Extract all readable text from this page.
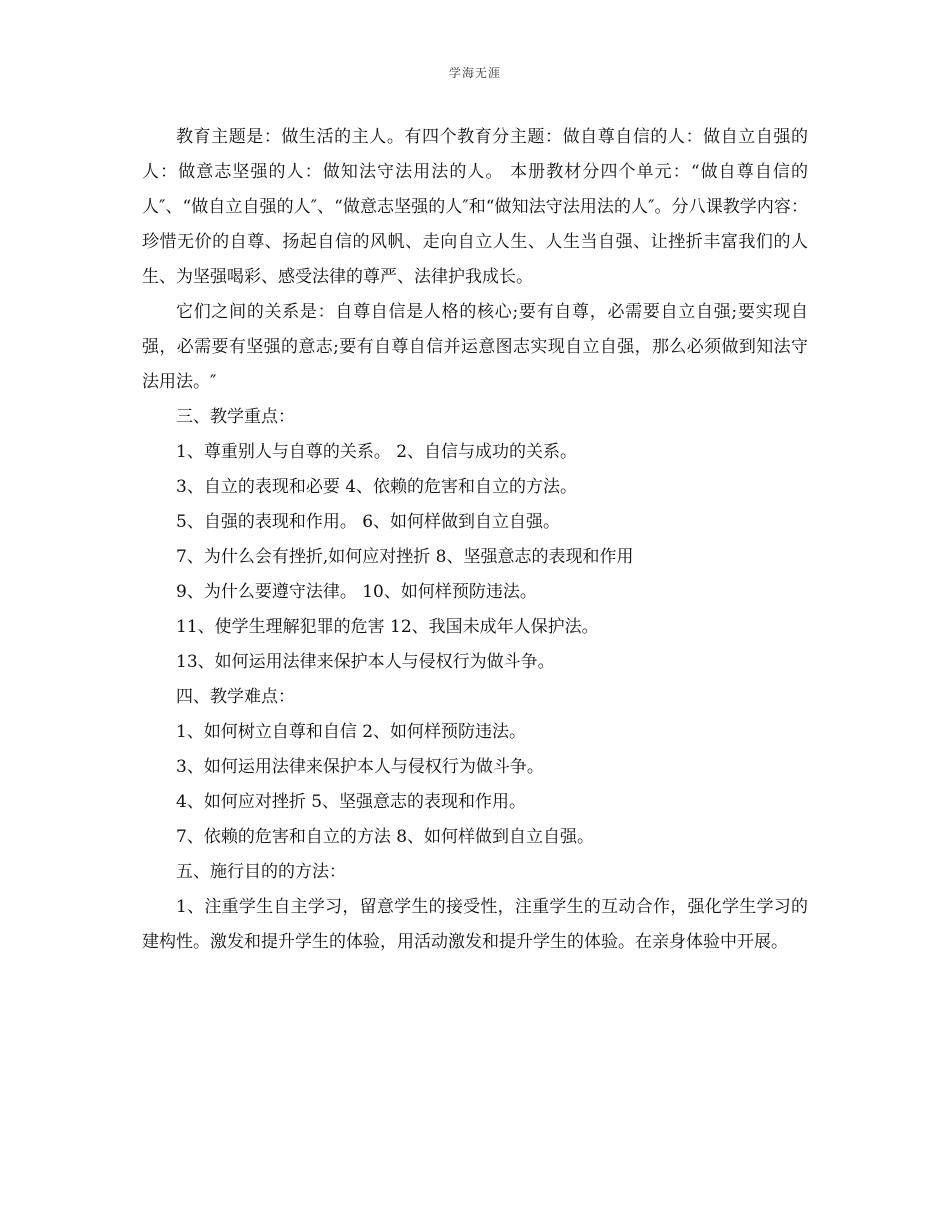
学海无涯

教育主题是：做生活的主人。有四个教育分主题：做自尊自信的人：做自立自强的人：做意志坚强的人：做知法守法用法的人。 本册教材分四个单元：“做自尊自信的人″、“做自立自强的人″、“做意志坚强的人″和“做知法守法用法的人″。分八课教学内容：珍惜无价的自尊、扬起自信的风帆、走向自立人生、人生当自强、让挫折丰富我们的人生、为坚强喝彩、感受法律的尊严、法律护我成长。

它们之间的关系是：自尊自信是人格的核心;要有自尊，必需要自立自强;要实现自强，必需要有坚强的意志;要有自尊自信并运意图志实现自立自强，那么必须做到知法守法用法。″

三、教学重点：

1、尊重别人与自尊的关系。 2、自信与成功的关系。

3、自立的表现和必要 4、依赖的危害和自立的方法。

5、自强的表现和作用。 6、如何样做到自立自强。

7、为什么会有挫折,如何应对挫折 8、坚强意志的表现和作用

9、为什么要遵守法律。 10、如何样预防违法。

11、使学生理解犯罪的危害 12、我国未成年人保护法。

13、如何运用法律来保护本人与侵权行为做斗争。

四、教学难点：

1、如何树立自尊和自信 2、如何样预防违法。

3、如何运用法律来保护本人与侵权行为做斗争。

4、如何应对挫折 5、坚强意志的表现和作用。

7、依赖的危害和自立的方法 8、如何样做到自立自强。

五、施行目的的方法：

1、注重学生自主学习，留意学生的接受性，注重学生的互动合作，强化学生学习的建构性。激发和提升学生的体验，用活动激发和提升学生的体验。在亲身体验中开展。
